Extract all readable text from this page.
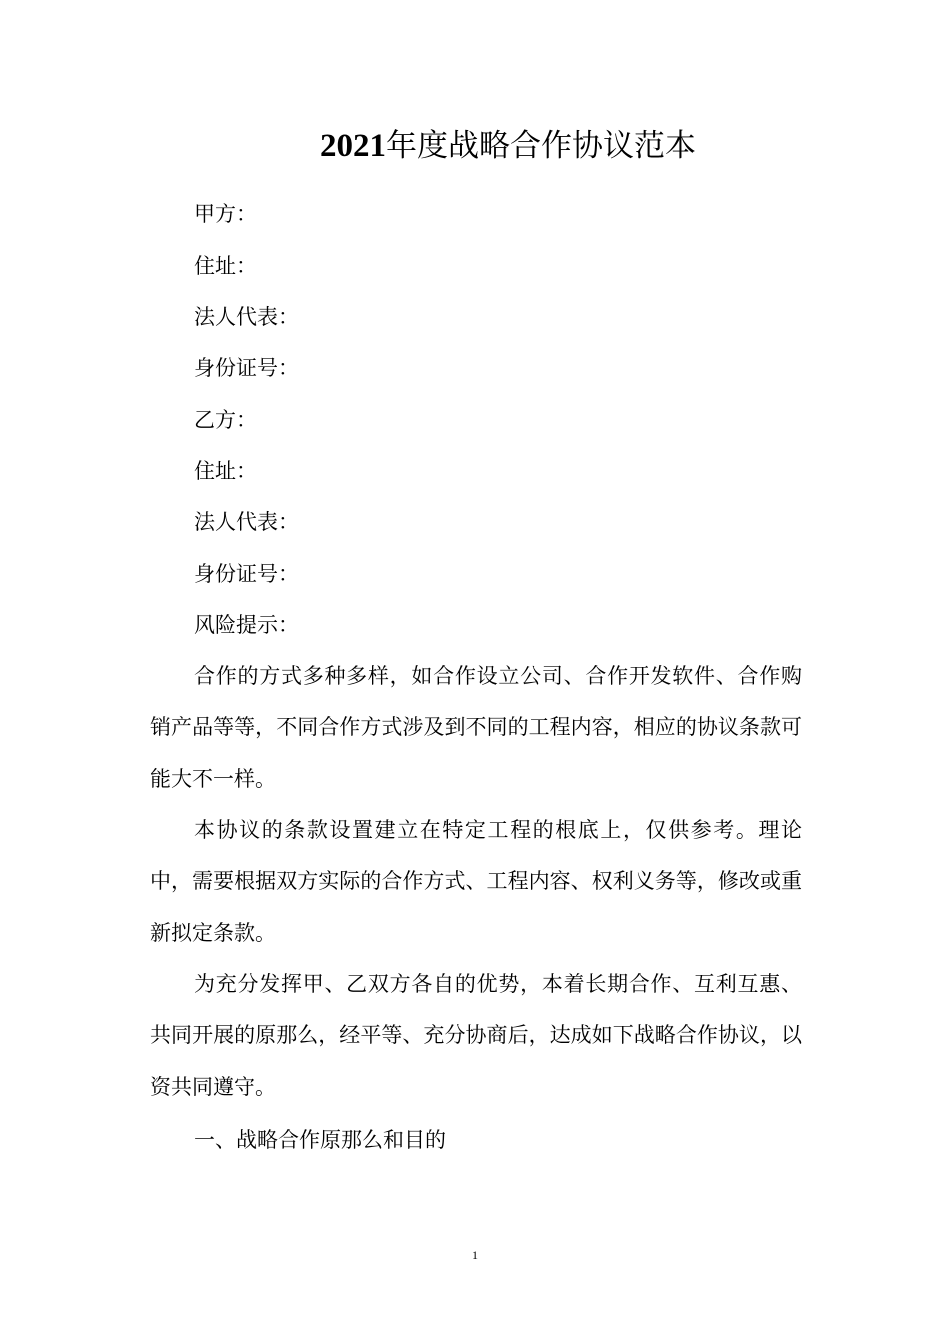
2021年度战略合作协议范本
甲方：
住址：
法人代表：
身份证号：
乙方：
住址：
法人代表：
身份证号：
风险提示：

合作的方式多种多样，如合作设立公司、合作开发软件、合作购销产品等等，不同合作方式涉及到不同的工程内容，相应的协议条款可能大不一样。

本协议的条款设置建立在特定工程的根底上，仅供参考。理论中，需要根据双方实际的合作方式、工程内容、权利义务等，修改或重新拟定条款。

为充分发挥甲、乙双方各自的优势，本着长期合作、互利互惠、共同开展的原那么，经平等、充分协商后，达成如下战略合作协议，以资共同遵守。

一、战略合作原那么和目的
1
